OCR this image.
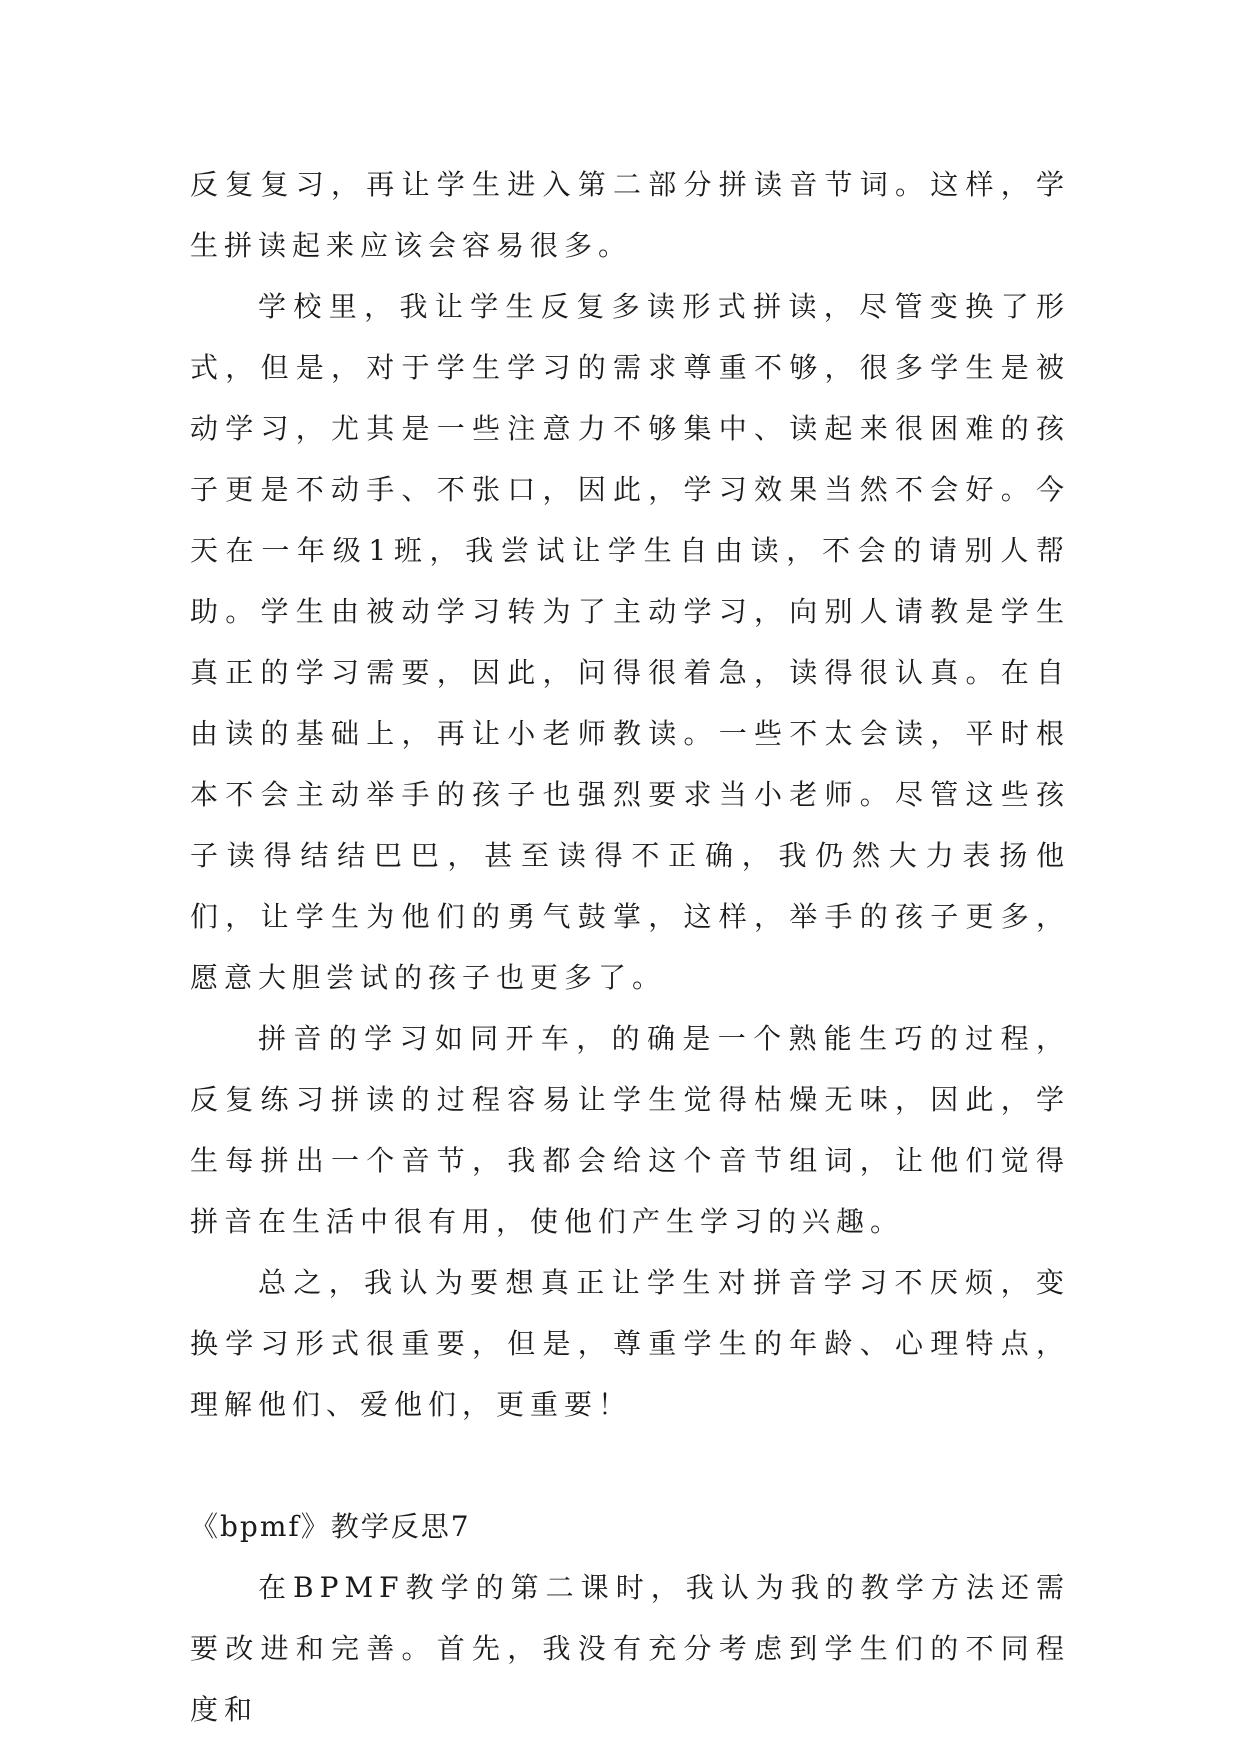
反复复习，再让学生进入第二部分拼读音节词。这样，学生拼读起来应该会容易很多。

学校里，我让学生反复多读形式拼读，尽管变换了形式，但是，对于学生学习的需求尊重不够，很多学生是被动学习，尤其是一些注意力不够集中、读起来很困难的孩子更是不动手、不张口，因此，学习效果当然不会好。今天在一年级1班，我尝试让学生自由读，不会的请别人帮助。学生由被动学习转为了主动学习，向别人请教是学生真正的学习需要，因此，问得很着急，读得很认真。在自由读的基础上，再让小老师教读。一些不太会读，平时根本不会主动举手的孩子也强烈要求当小老师。尽管这些孩子读得结结巴巴，甚至读得不正确，我仍然大力表扬他们，让学生为他们的勇气鼓掌，这样，举手的孩子更多，愿意大胆尝试的孩子也更多了。

拼音的学习如同开车，的确是一个熟能生巧的过程，反复练习拼读的过程容易让学生觉得枯燥无味，因此，学生每拼出一个音节，我都会给这个音节组词，让他们觉得拼音在生活中很有用，使他们产生学习的兴趣。

总之，我认为要想真正让学生对拼音学习不厌烦，变换学习形式很重要，但是，尊重学生的年龄、心理特点，理解他们、爱他们，更重要！

《bpmf》教学反思7

在BPMF教学的第二课时，我认为我的教学方法还需要改进和完善。首先，我没有充分考虑到学生们的不同程度和
